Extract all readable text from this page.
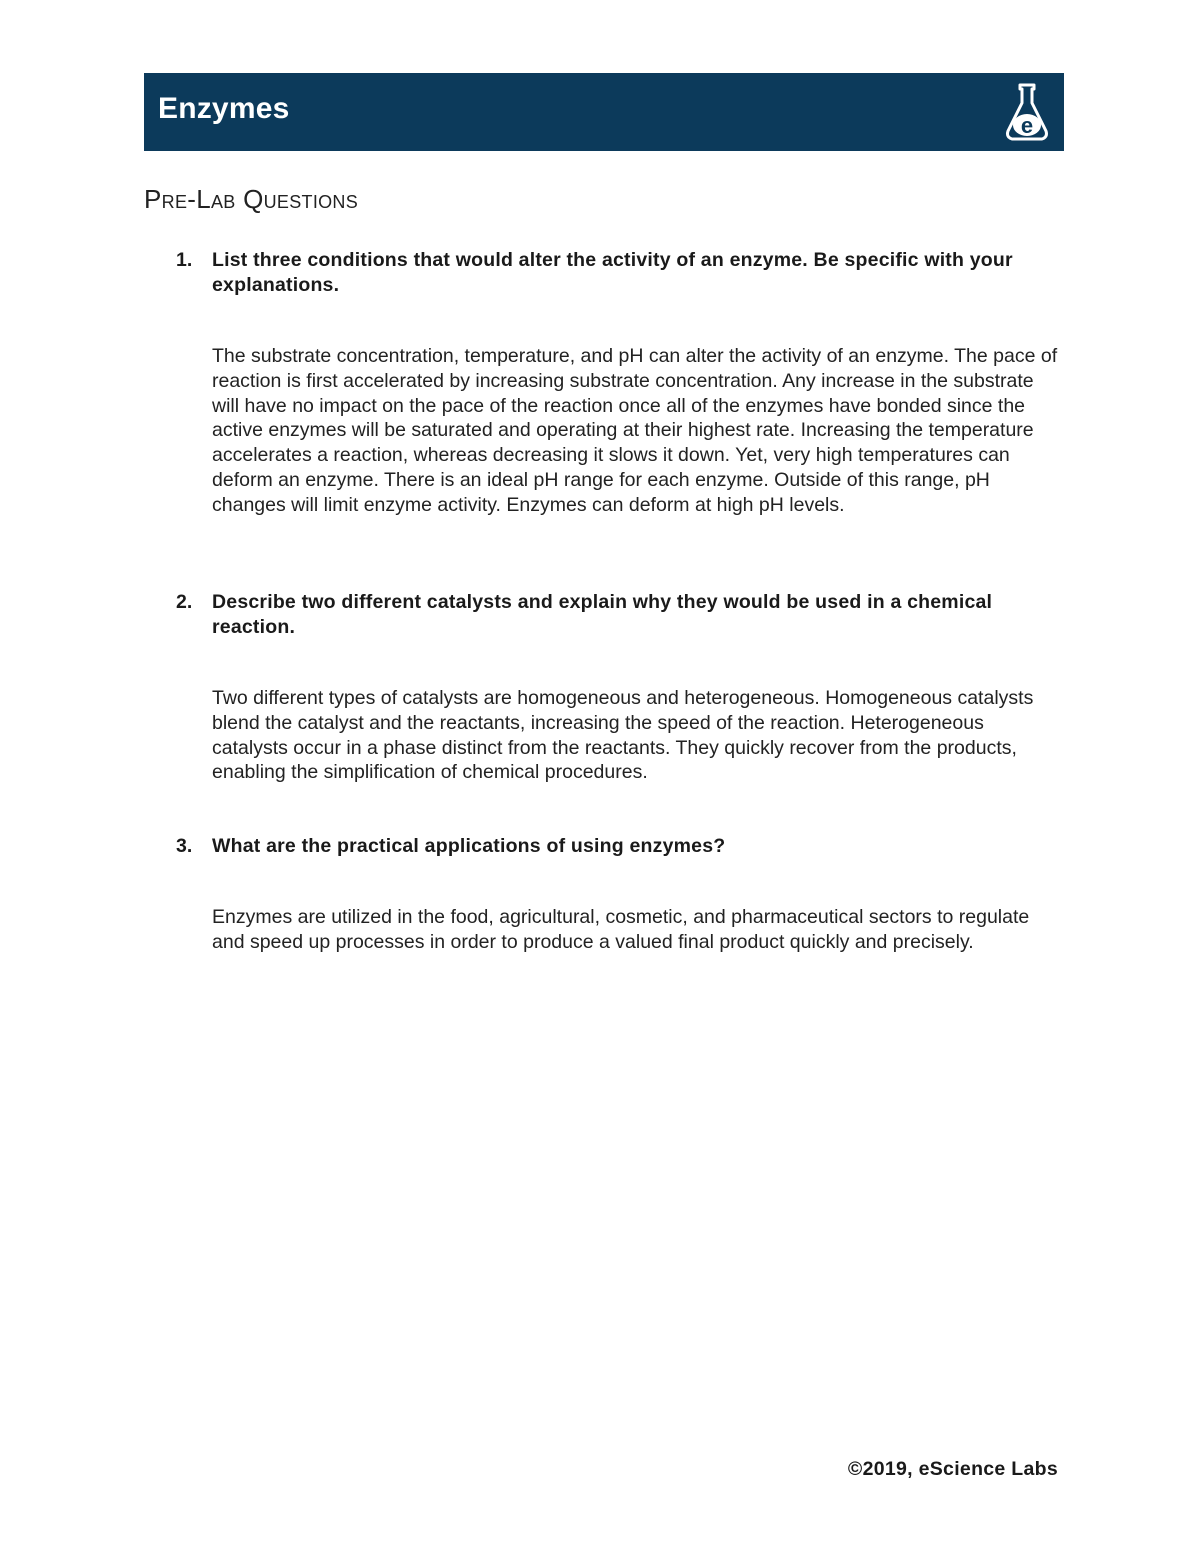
Enzymes
e
Pre-Lab Questions
1. List three conditions that would alter the activity of an enzyme. Be specific with your explanations.
The substrate concentration, temperature, and pH can alter the activity of an enzyme. The pace of reaction is first accelerated by increasing substrate concentration. Any increase in the substrate will have no impact on the pace of the reaction once all of the enzymes have bonded since the active enzymes will be saturated and operating at their highest rate. Increasing the temperature accelerates a reaction, whereas decreasing it slows it down. Yet, very high temperatures can deform an enzyme. There is an ideal pH range for each enzyme. Outside of this range, pH changes will limit enzyme activity. Enzymes can deform at high pH levels.
2. Describe two different catalysts and explain why they would be used in a chemical reaction.
Two different types of catalysts are homogeneous and heterogeneous. Homogeneous catalysts blend the catalyst and the reactants, increasing the speed of the reaction. Heterogeneous catalysts occur in a phase distinct from the reactants. They quickly recover from the products, enabling the simplification of chemical procedures.
3. What are the practical applications of using enzymes?
Enzymes are utilized in the food, agricultural, cosmetic, and pharmaceutical sectors to regulate and speed up processes in order to produce a valued final product quickly and precisely.
©2019, eScience Labs
